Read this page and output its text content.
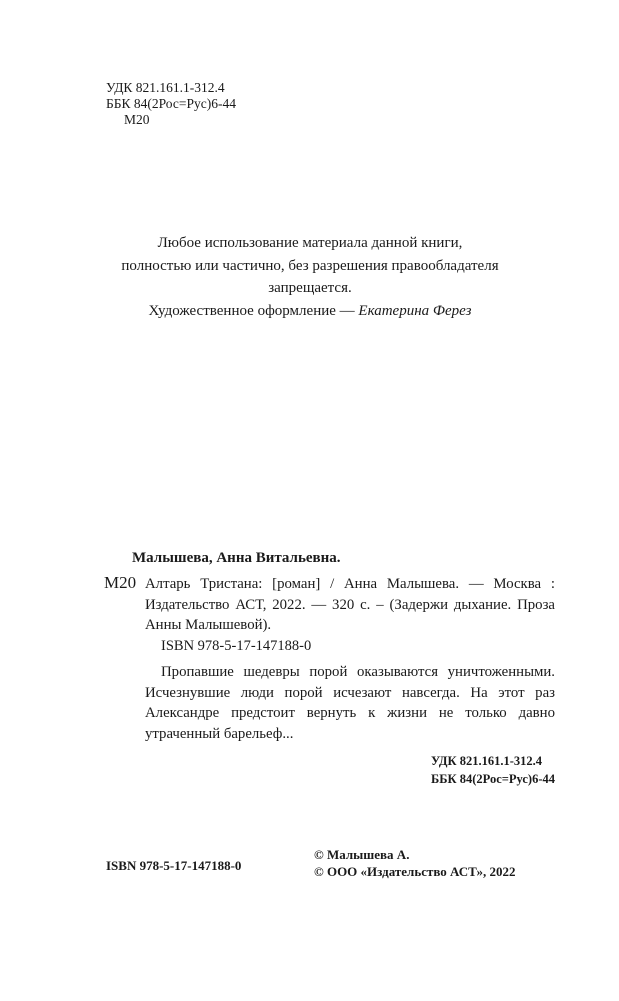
УДК 821.161.1-312.4
ББК 84(2Рос=Рус)6-44
М20
Любое использование материала данной книги,
полностью или частично, без разрешения правообладателя
запрещается.
Художественное оформление — Екатерина Ферез
Малышева, Анна Витальевна.
М20 Алтарь Тристана: [роман] / Анна Малышева. — Москва : Издательство АСТ, 2022. — 320 с. – (Задержи дыхание. Проза Анны Малышевой).
ISBN 978-5-17-147188-0
Пропавшие шедевры порой оказываются уничтоженными. Исчезнувшие люди порой исчезают навсегда. На этот раз Александре предстоит вернуть к жизни не только давно утраченный барельеф...
УДК 821.161.1-312.4
ББК 84(2Рос=Рус)6-44
ISBN 978-5-17-147188-0
© Малышева А.
© ООО «Издательство АСТ», 2022
